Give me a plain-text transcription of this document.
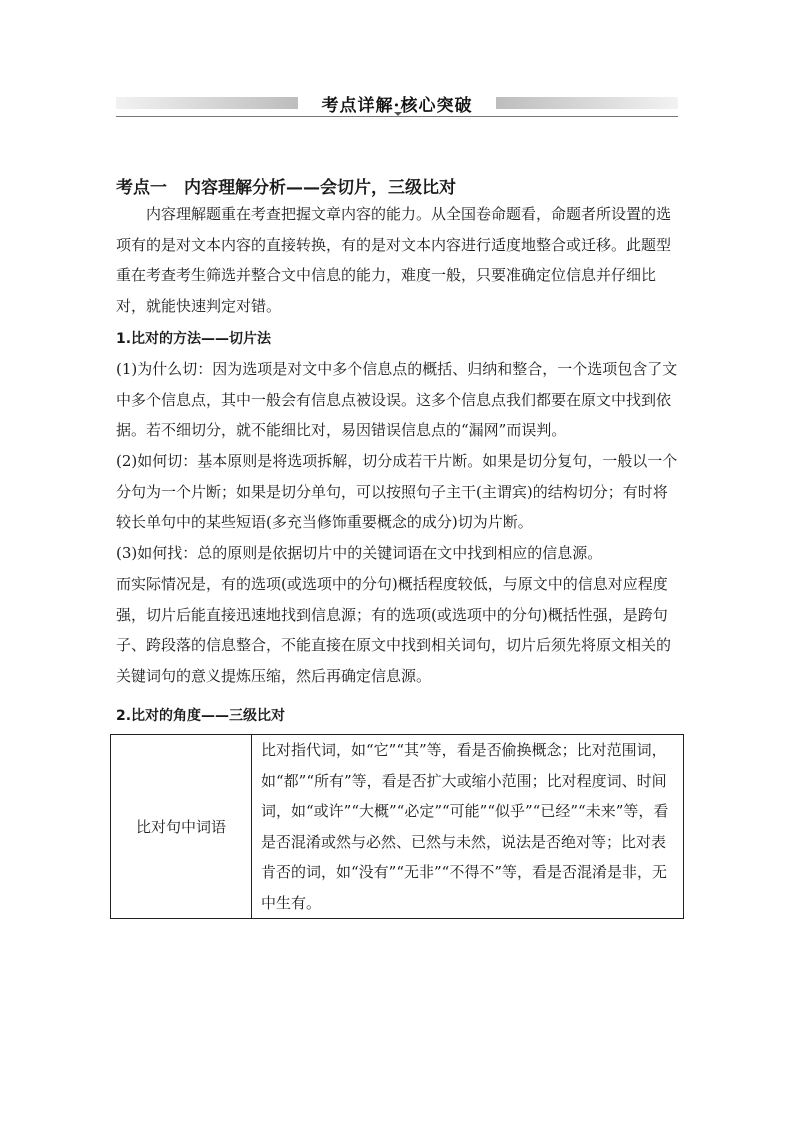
考点详解·核心突破
考点一　内容理解分析——会切片，三级比对
内容理解题重在考查把握文章内容的能力。从全国卷命题看，命题者所设置的选项有的是对文本内容的直接转换，有的是对文本内容进行适度地整合或迁移。此题型重在考查考生筛选并整合文中信息的能力，难度一般，只要准确定位信息并仔细比对，就能快速判定对错。
1.比对的方法——切片法
(1)为什么切：因为选项是对文中多个信息点的概括、归纳和整合，一个选项包含了文中多个信息点，其中一般会有信息点被设误。这多个信息点我们都要在原文中找到依据。若不细切分，就不能细比对，易因错误信息点的“漏网”而误判。
(2)如何切：基本原则是将选项拆解，切分成若干片断。如果是切分复句，一般以一个分句为一个片断；如果是切分单句，可以按照句子主干(主谓宾)的结构切分；有时将较长单句中的某些短语(多充当修饰重要概念的成分)切为片断。
(3)如何找：总的原则是依据切片中的关键词语在文中找到相应的信息源。
而实际情况是，有的选项(或选项中的分句)概括程度较低，与原文中的信息对应程度强，切片后能直接迅速地找到信息源；有的选项(或选项中的分句)概括性强，是跨句子、跨段落的信息整合，不能直接在原文中找到相关词句，切片后须先将原文相关的关键词句的意义提炼压缩，然后再确定信息源。
2.比对的角度——三级比对
比对句中词语	比对指代词，如“它”“其”等，看是否偷换概念；比对范围词，如“都”“所有”等，看是否扩大或缩小范围；比对程度词、时间词，如“或许”“大概”“必定”“可能”“似乎”“已经”“未来”等，看是否混淆或然与必然、已然与未然，说法是否绝对等；比对表肯否的词，如“没有”“无非”“不得不”等，看是否混淆是非，无中生有。
